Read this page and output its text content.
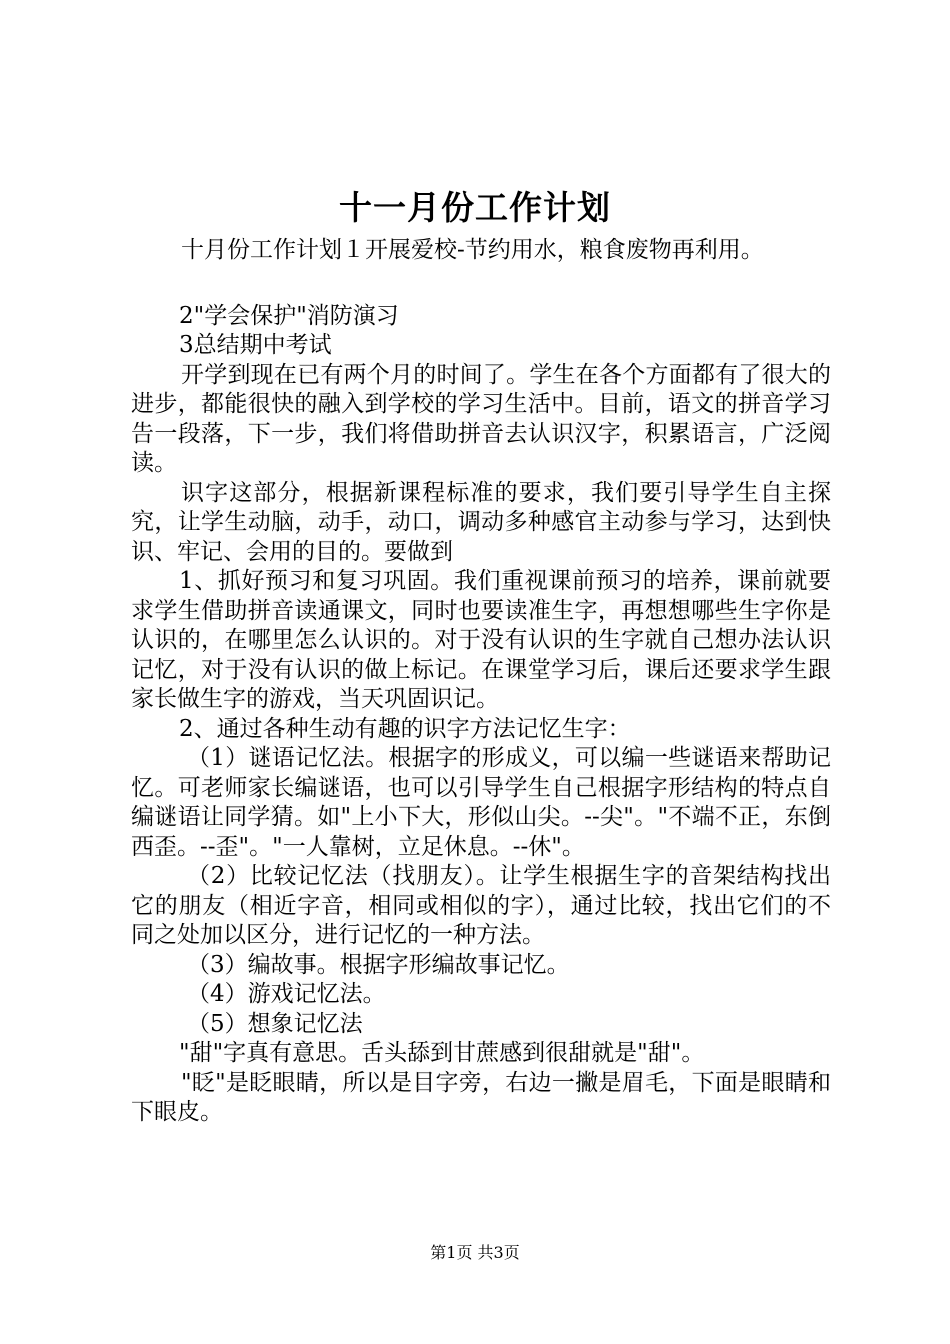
十一月份工作计划

十月份工作计划１开展爱校-节约用水，粮食废物再利用。

2"学会保护"消防演习

3总结期中考试

开学到现在已有两个月的时间了。学生在各个方面都有了很大的进步，都能很快的融入到学校的学习生活中。目前，语文的拼音学习告一段落，下一步，我们将借助拼音去认识汉字，积累语言，广泛阅读。

识字这部分，根据新课程标准的要求，我们要引导学生自主探究，让学生动脑，动手，动口，调动多种感官主动参与学习，达到快识、牢记、会用的目的。要做到

1、抓好预习和复习巩固。我们重视课前预习的培养，课前就要求学生借助拼音读通课文，同时也要读准生字，再想想哪些生字你是认识的，在哪里怎么认识的。对于没有认识的生字就自己想办法认识记忆，对于没有认识的做上标记。在课堂学习后，课后还要求学生跟家长做生字的游戏，当天巩固识记。

2、通过各种生动有趣的识字方法记忆生字：

（1）谜语记忆法。根据字的形成义，可以编一些谜语来帮助记忆。可老师家长编谜语，也可以引导学生自己根据字形结构的特点自编谜语让同学猜。如"上小下大，形似山尖。--尖"。"不端不正，东倒西歪。--歪"。"一人靠树，立足休息。--休"。

（2）比较记忆法（找朋友）。让学生根据生字的音架结构找出它的朋友（相近字音，相同或相似的字），通过比较，找出它们的不同之处加以区分，进行记忆的一种方法。

（3）编故事。根据字形编故事记忆。

（4）游戏记忆法。

（5）想象记忆法

"甜"字真有意思。舌头舔到甘蔗感到很甜就是"甜"。

"眨"是眨眼睛，所以是目字旁，右边一撇是眉毛，下面是眼睛和下眼皮。

第1页 共3页
